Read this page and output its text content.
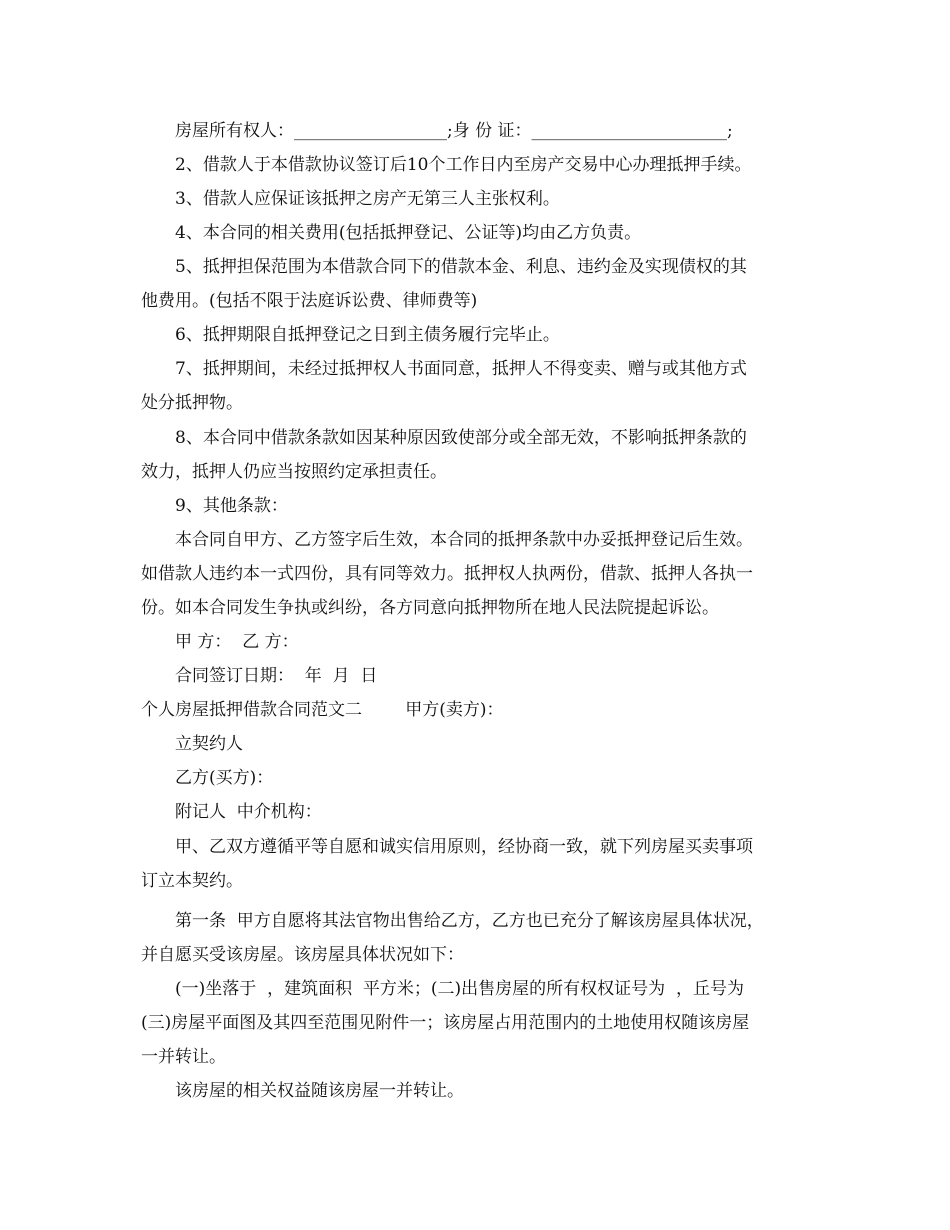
房屋所有权人：__________________;身 份 证：_______________________;
2、借款人于本借款协议签订后10个工作日内至房产交易中心办理抵押手续。
3、借款人应保证该抵押之房产无第三人主张权利。
4、本合同的相关费用(包括抵押登记、公证等)均由乙方负责。
5、抵押担保范围为本借款合同下的借款本金、利息、违约金及实现债权的其
他费用。(包括不限于法庭诉讼费、律师费等)
6、抵押期限自抵押登记之日到主债务履行完毕止。
7、抵押期间，未经过抵押权人书面同意，抵押人不得变卖、赠与或其他方式
处分抵押物。
8、本合同中借款条款如因某种原因致使部分或全部无效，不影响抵押条款的
效力，抵押人仍应当按照约定承担责任。
9、其他条款：
本合同自甲方、乙方签字后生效，本合同的抵押条款中办妥抵押登记后生效。
如借款人违约本一式四份，具有同等效力。抵押权人执两份，借款、抵押人各执一
份。如本合同发生争执或纠纷，各方同意向抵押物所在地人民法院提起诉讼。
甲 方：  乙 方：
合同签订日期：  年  月  日
个人房屋抵押借款合同范文二        甲方(卖方)：
立契约人
乙方(买方)：
附记人  中介机构：
甲、乙双方遵循平等自愿和诚实信用原则，经协商一致，就下列房屋买卖事项
订立本契约。
第一条  甲方自愿将其法官物出售给乙方，乙方也已充分了解该房屋具体状况，
并自愿买受该房屋。该房屋具体状况如下：
(一)坐落于  ，建筑面积  平方米；(二)出售房屋的所有权权证号为  ，丘号为
(三)房屋平面图及其四至范围见附件一；该房屋占用范围内的土地使用权随该房屋
一并转让。
该房屋的相关权益随该房屋一并转让。
